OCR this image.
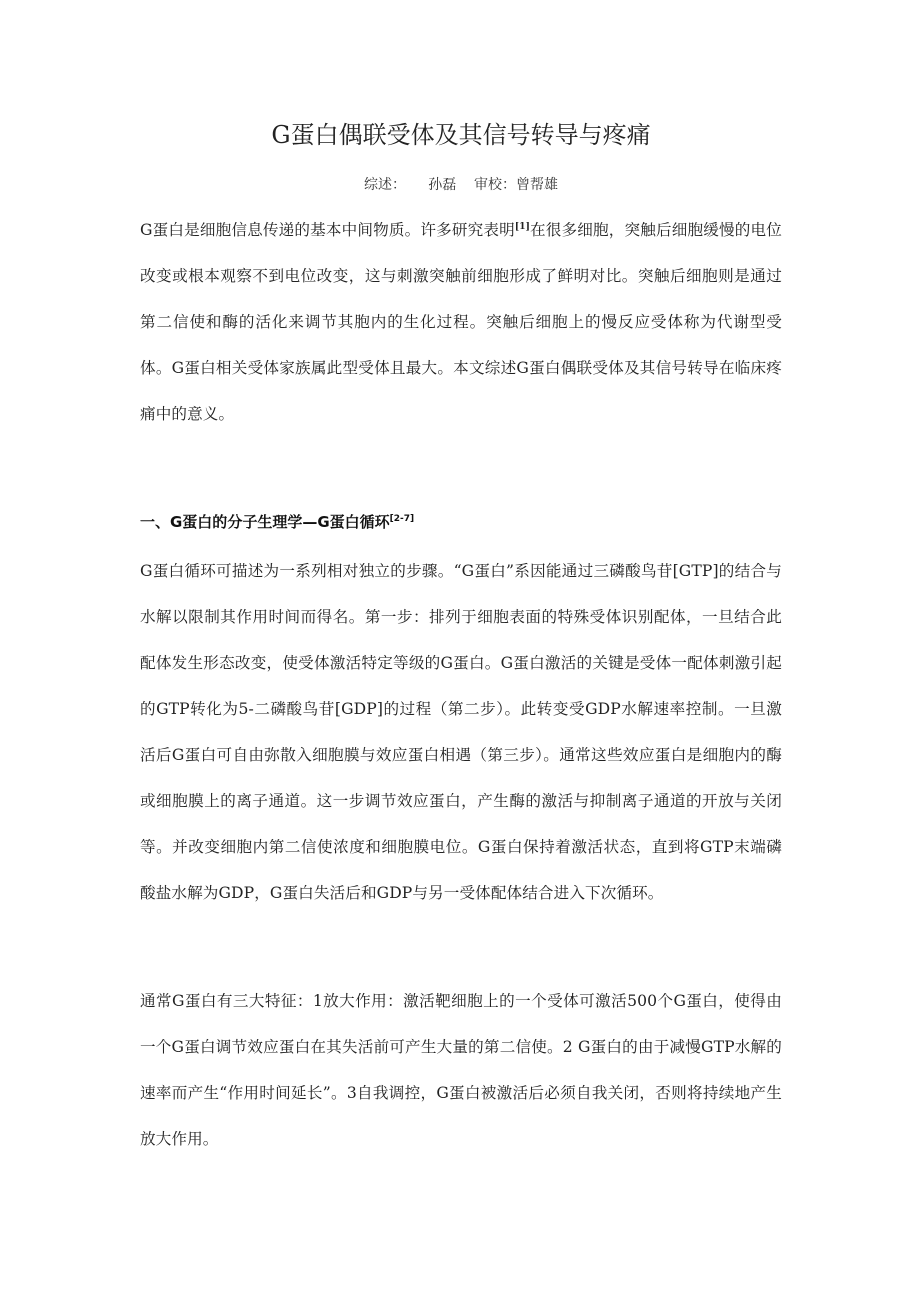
G蛋白偶联受体及其信号转导与疼痛
综述： 孙磊 审校：曾帮雄

G蛋白是细胞信息传递的基本中间物质。许多研究表明[1]在很多细胞，突触后细胞缓慢的电位改变或根本观察不到电位改变，这与刺激突触前细胞形成了鲜明对比。突触后细胞则是通过第二信使和酶的活化来调节其胞内的生化过程。突触后细胞上的慢反应受体称为代谢型受体。G蛋白相关受体家族属此型受体且最大。本文综述G蛋白偶联受体及其信号转导在临床疼痛中的意义。

一、G蛋白的分子生理学—G蛋白循环[2-7]

G蛋白循环可描述为一系列相对独立的步骤。“G蛋白”系因能通过三磷酸鸟苷[GTP]的结合与水解以限制其作用时间而得名。第一步：排列于细胞表面的特殊受体识别配体，一旦结合此配体发生形态改变，使受体激活特定等级的G蛋白。G蛋白激活的关键是受体一配体刺激引起的GTP转化为5-二磷酸鸟苷[GDP]的过程（第二步）。此转变受GDP水解速率控制。一旦激活后G蛋白可自由弥散入细胞膜与效应蛋白相遇（第三步）。通常这些效应蛋白是细胞内的酶或细胞膜上的离子通道。这一步调节效应蛋白，产生酶的激活与抑制离子通道的开放与关闭等。并改变细胞内第二信使浓度和细胞膜电位。G蛋白保持着激活状态，直到将GTP末端磷酸盐水解为GDP，G蛋白失活后和GDP与另一受体配体结合进入下次循环。

通常G蛋白有三大特征：1放大作用：激活靶细胞上的一个受体可激活500个G蛋白，使得由一个G蛋白调节效应蛋白在其失活前可产生大量的第二信使。2 G蛋白的由于减慢GTP水解的速率而产生“作用时间延长”。3自我调控，G蛋白被激活后必须自我关闭，否则将持续地产生放大作用。
